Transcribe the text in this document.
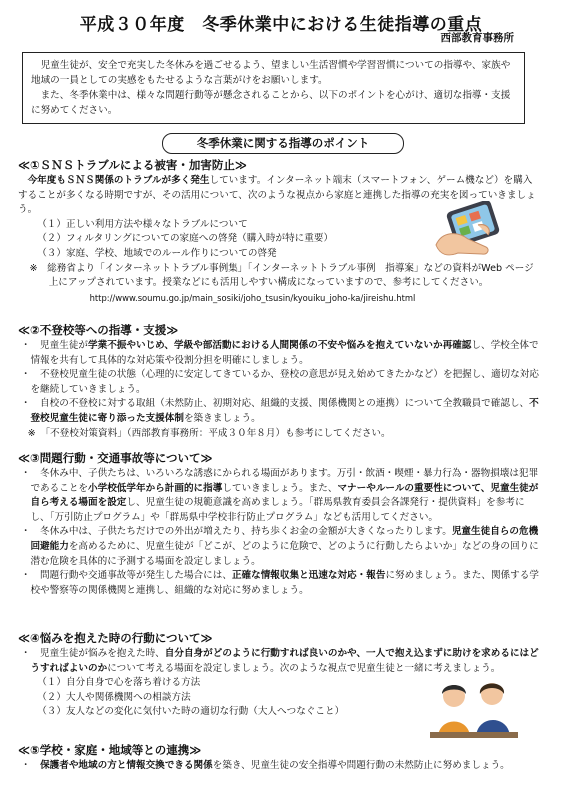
平成３０年度　冬季休業中における生徒指導の重点
西部教育事務所

児童生徒が、安全で充実した冬休みを過ごせるよう、望ましい生活習慣や学習習慣についての指導や、家族や地域の一員としての実感をもたせるような言葉がけをお願いします。

また、冬季休業中は、様々な問題行動等が懸念されることから、以下のポイントを心がけ、適切な指導・支援に努めてください。

冬季休業に関する指導のポイント
≪①ＳＮＳトラブルによる被害・加害防止≫

今年度もＳＮＳ関係のトラブルが多く発生しています。インターネット端末（スマートフォン、ゲーム機など）を購入することが多くなる時期ですが、その活用について、次のような視点から家庭と連携した指導の充実を図っていきましょう。

（１）正しい利用方法や様々なトラブルについて

（２）フィルタリングについての家庭への啓発（購入時が特に重要）

（３）家庭、学校、地域でのルール作りについての啓発

※　総務省より「インターネットトラブル事例集」「インターネットトラブル事例　指導案」などの資料がWeb ページ上にアップされています。授業などにも活用しやすい構成になっていますので、参考にしてください。

http://www.soumu.go.jp/main_sosiki/joho_tsusin/kyouiku_joho-ka/jireishu.html

≪②不登校等への指導・支援≫

・　児童生徒が学業不振やいじめ、学級や部活動における人間関係の不安や悩みを抱えていないか再確認し、学校全体で情報を共有して具体的な対応策や役割分担を明確にしましょう。

・　不登校児童生徒の状態（心理的に安定してきているか、登校の意思が見え始めてきたかなど）を把握し、適切な対応を継続していきましょう。

・　自校の不登校に対する取組（未然防止、初期対応、組織的支援、関係機関との連携）について全教職員で確認し、不登校児童生徒に寄り添った支援体制を築きましょう。

※　「不登校対策資料」（西部教育事務所：平成３０年８月）も参考にしてください。

≪③問題行動・交通事故等について≫

・　冬休み中、子供たちは、いろいろな誘惑にかられる場面があります。万引・飲酒・喫煙・暴力行為・器物損壊は犯罪であることを小学校低学年から計画的に指導していきましょう。また、マナーやルールの重要性について、児童生徒が自ら考える場面を設定し、児童生徒の規範意識を高めましょう。「群馬県教育委員会各課発行・提供資料」を参考にし、「万引防止プログラム」や「群馬県中学校非行防止プログラム」なども活用してください。

・　冬休み中は、子供たちだけでの外出が増えたり、持ち歩くお金の金額が大きくなったりします。児童生徒自らの危機回避能力を高めるために、児童生徒が「どこが、どのように危険で、どのように行動したらよいか」などの身の回りに潜む危険を具体的に予測する場面を設定しましょう。

・　問題行動や交通事故等が発生した場合には、正確な情報収集と迅速な対応・報告に努めましょう。また、関係する学校や警察等の関係機関と連携し、組織的な対応に努めましょう。

≪④悩みを抱えた時の行動について≫

・　児童生徒が悩みを抱えた時、自分自身がどのように行動すれば良いのかや、一人で抱え込まずに助けを求めるにはどうすればよいのかについて考える場面を設定しましょう。次のような視点で児童生徒と一緒に考えましょう。

（１）自分自身で心を落ち着ける方法

（２）大人や関係機関への相談方法

（３）友人などの変化に気付いた時の適切な行動（大人へつなぐこと）

≪⑤学校・家庭・地域等との連携≫

・　保護者や地域の方と情報交換できる関係を築き、児童生徒の安全指導や問題行動の未然防止に努めましょう。
